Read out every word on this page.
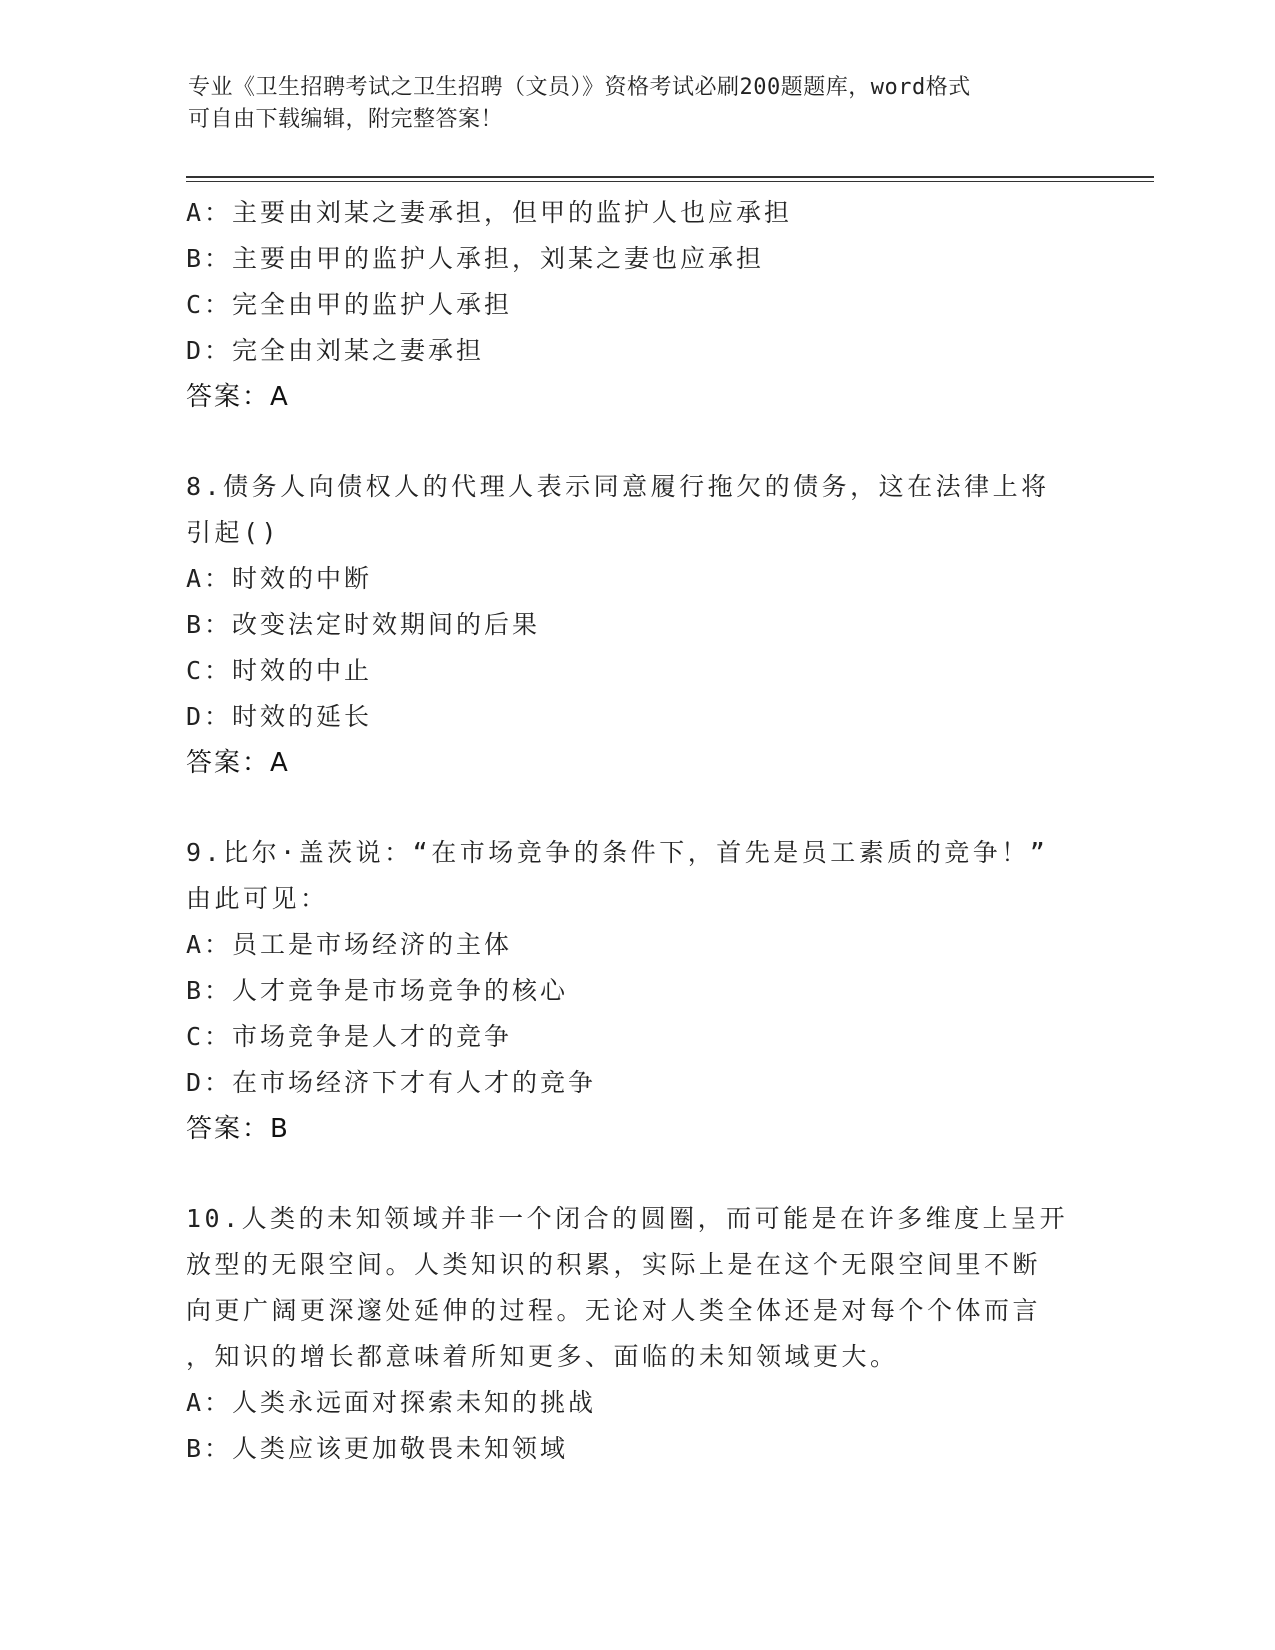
专业《卫生招聘考试之卫生招聘（文员）》资格考试必刷200题题库，word格式
可自由下载编辑，附完整答案！
A：主要由刘某之妻承担，但甲的监护人也应承担
B：主要由甲的监护人承担，刘某之妻也应承担
C：完全由甲的监护人承担
D：完全由刘某之妻承担
答案：A
8.债务人向债权人的代理人表示同意履行拖欠的债务，这在法律上将
引起()
A：时效的中断
B：改变法定时效期间的后果
C：时效的中止
D：时效的延长
答案：A
9.比尔·盖茨说：“在市场竞争的条件下，首先是员工素质的竞争！”
由此可见：
A：员工是市场经济的主体
B：人才竞争是市场竞争的核心
C：市场竞争是人才的竞争
D：在市场经济下才有人才的竞争
答案：B
10.人类的未知领域并非一个闭合的圆圈，而可能是在许多维度上呈开
放型的无限空间。人类知识的积累，实际上是在这个无限空间里不断
向更广阔更深邃处延伸的过程。无论对人类全体还是对每个个体而言
，知识的增长都意味着所知更多、面临的未知领域更大。
A：人类永远面对探索未知的挑战
B：人类应该更加敬畏未知领域
